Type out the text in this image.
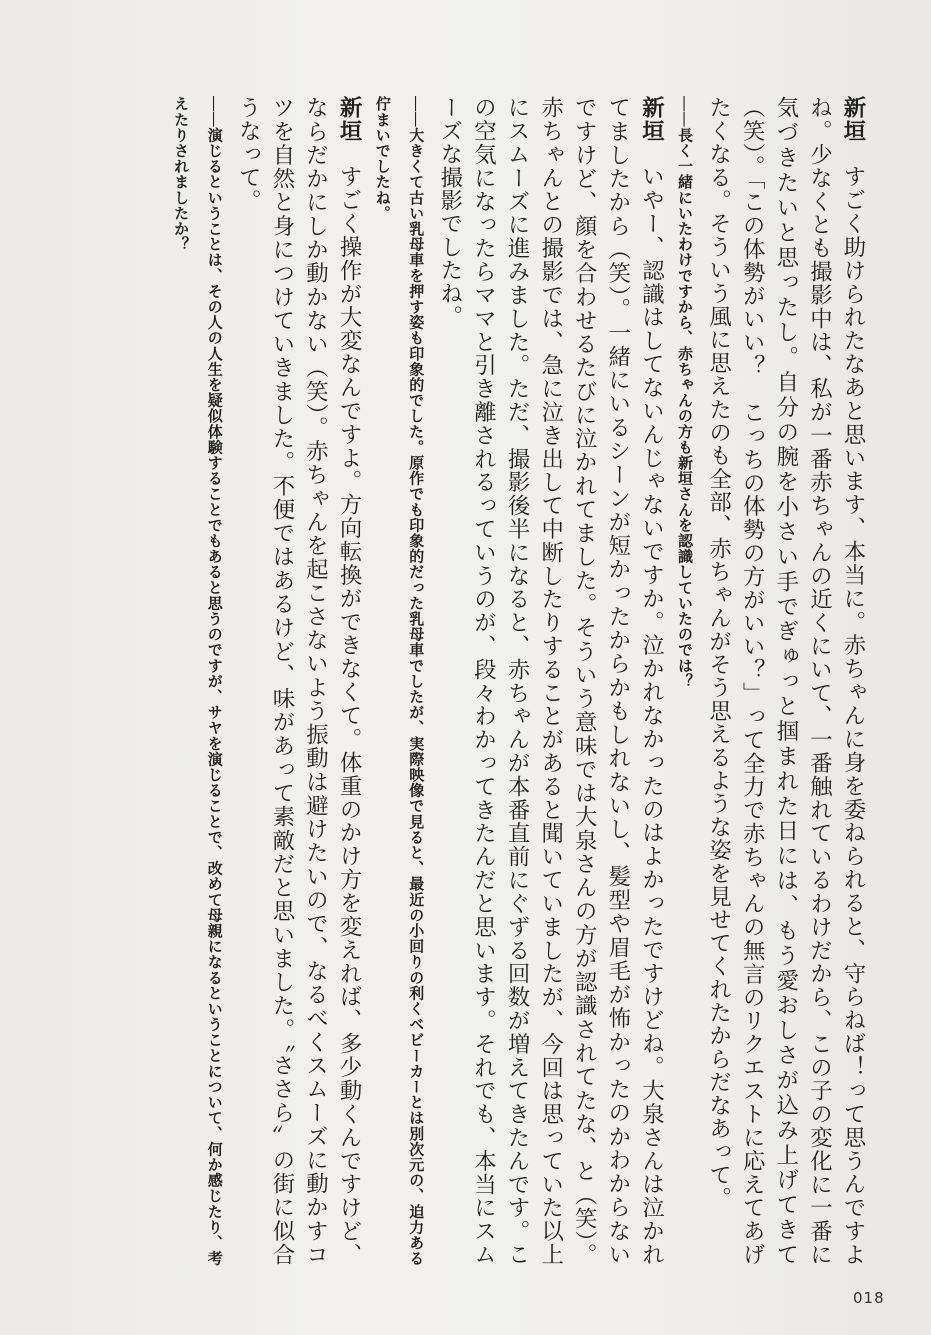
新垣すごく助けられたなあと思います、本当に。赤ちゃんに身を委ねられると、守らねば！って思うんですよね。少なくとも撮影中は、私が一番赤ちゃんの近くにいて、一番触れているわけだから、この子の変化に一番に気づきたいと思ったし。自分の腕を小さい手でぎゅっと掴まれた日には、もう愛おしさが込み上げてきて（笑）。「この体勢がいい？　こっちの体勢の方がいい？」って全力で赤ちゃんの無言のリクエストに応えてあげたくなる。そういう風に思えたのも全部、赤ちゃんがそう思えるような姿を見せてくれたからだなあって。

――長く一緒にいたわけですから、赤ちゃんの方も新垣さんを認識していたのでは？

新垣いやー、認識はしてないんじゃないですか。泣かれなかったのはよかったですけどね。大泉さんは泣かれてましたから（笑）。一緒にいるシーンが短かったからかもしれないし、髪型や眉毛が怖かったのかわからないですけど、顔を合わせるたびに泣かれてました。そういう意味では大泉さんの方が認識されてたな、と（笑）。赤ちゃんとの撮影では、急に泣き出して中断したりすることがあると聞いていましたが、今回は思っていた以上にスムーズに進みました。ただ、撮影後半になると、赤ちゃんが本番直前にぐずる回数が増えてきたんです。この空気になったらママと引き離されるっていうのが、段々わかってきたんだと思います。それでも、本当にスムーズな撮影でしたね。

――大きくて古い乳母車を押す姿も印象的でした。原作でも印象的だった乳母車でしたが、実際映像で見ると、最近の小回りの利くベビーカーとは別次元の、迫力ある佇まいでしたね。

新垣すごく操作が大変なんですよ。方向転換ができなくて。体重のかけ方を変えれば、多少動くんですけど、ならだかにしか動かない（笑）。赤ちゃんを起こさないよう振動は避けたいので、なるべくスムーズに動かすコツを自然と身につけていきました。不便ではあるけど、味があって素敵だと思いました。〝ささら〟の街に似合うなって。

――演じるということは、その人の人生を疑似体験することでもあると思うのですが、サヤを演じることで、改めて母親になるということについて、何か感じたり、考えたりされましたか？

018
